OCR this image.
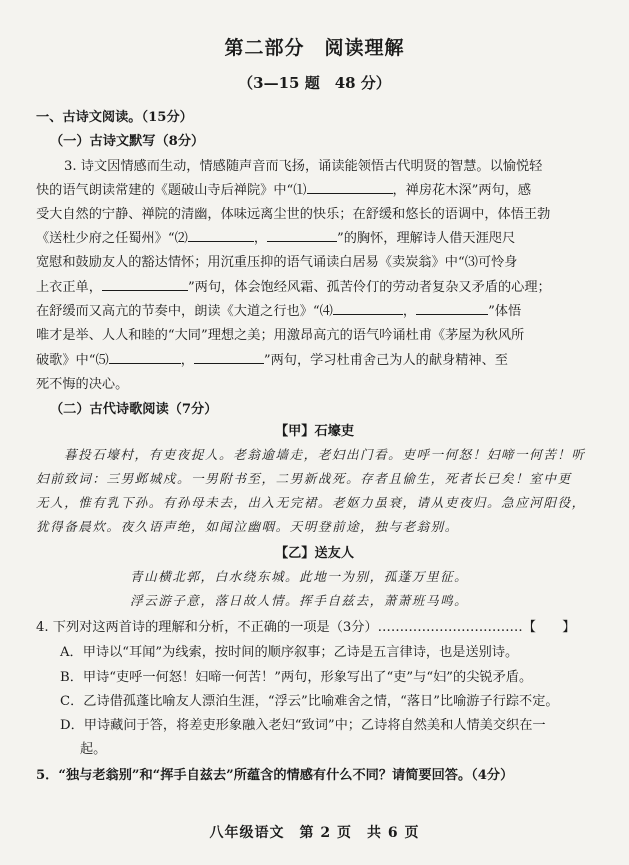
第二部分　阅读理解
（3—15 题　48 分）
一、古诗文阅读。（15分）
（一）古诗文默写（8分）
3. 诗文因情感而生动，情感随声音而飞扬，诵读能领悟古代明贤的智慧。以愉悦轻
快的语气朗读常建的《题破山寺后禅院》中“⑴	，禅房花木深”两句，感
受大自然的宁静、禅院的清幽，体味远离尘世的快乐；在舒缓和悠长的语调中，体悟王勃
《送杜少府之任蜀州》“⑵	，	”的胸怀，理解诗人借天涯咫尺
宽慰和鼓励友人的豁达情怀；用沉重压抑的语气诵读白居易《卖炭翁》中“⑶可怜身
上衣正单，	”两句，体会饱经风霜、孤苦伶仃的劳动者复杂又矛盾的心理；
在舒缓而又高亢的节奏中，朗读《大道之行也》“⑷	，	”体悟
唯才是举、人人和睦的“大同”理想之美；用激昂高亢的语气吟诵杜甫《茅屋为秋风所
破歌》中“⑸	，	”两句，学习杜甫舍己为人的献身精神、至
死不悔的决心。
（二）古代诗歌阅读（7分）
【甲】石壕吏
暮投石壕村，有吏夜捉人。老翁逾墙走，老妇出门看。吏呼一何怒！妇啼一何苦！听
妇前致词：三男邺城戍。一男附书至，二男新战死。存者且偷生，死者长已矣！室中更
无人，惟有乳下孙。有孙母未去，出入无完裙。老妪力虽衰，请从吏夜归。急应河阳役，
犹得备晨炊。夜久语声绝，如闻泣幽咽。天明登前途，独与老翁别。
【乙】送友人
青山横北郭，白水绕东城。此地一为别，孤蓬万里征。
浮云游子意，落日故人情。挥手自兹去，萧萧班马鸣。
4. 下列对这两首诗的理解和分析，不正确的一项是（3分）……………………………【　　】
A．甲诗以“耳闻”为线索，按时间的顺序叙事；乙诗是五言律诗，也是送别诗。
B．甲诗“吏呼一何怒！妇啼一何苦！”两句，形象写出了“吏”与“妇”的尖锐矛盾。
C．乙诗借孤蓬比喻友人漂泊生涯，“浮云”比喻难舍之情，“落日”比喻游子行踪不定。
D．甲诗藏问于答，将差吏形象融入老妇“致词”中；乙诗将自然美和人情美交织在一
起。
5．“独与老翁别”和“挥手自兹去”所蕴含的情感有什么不同？请简要回答。（4分）
八年级语文　第 2 页　共 6 页
